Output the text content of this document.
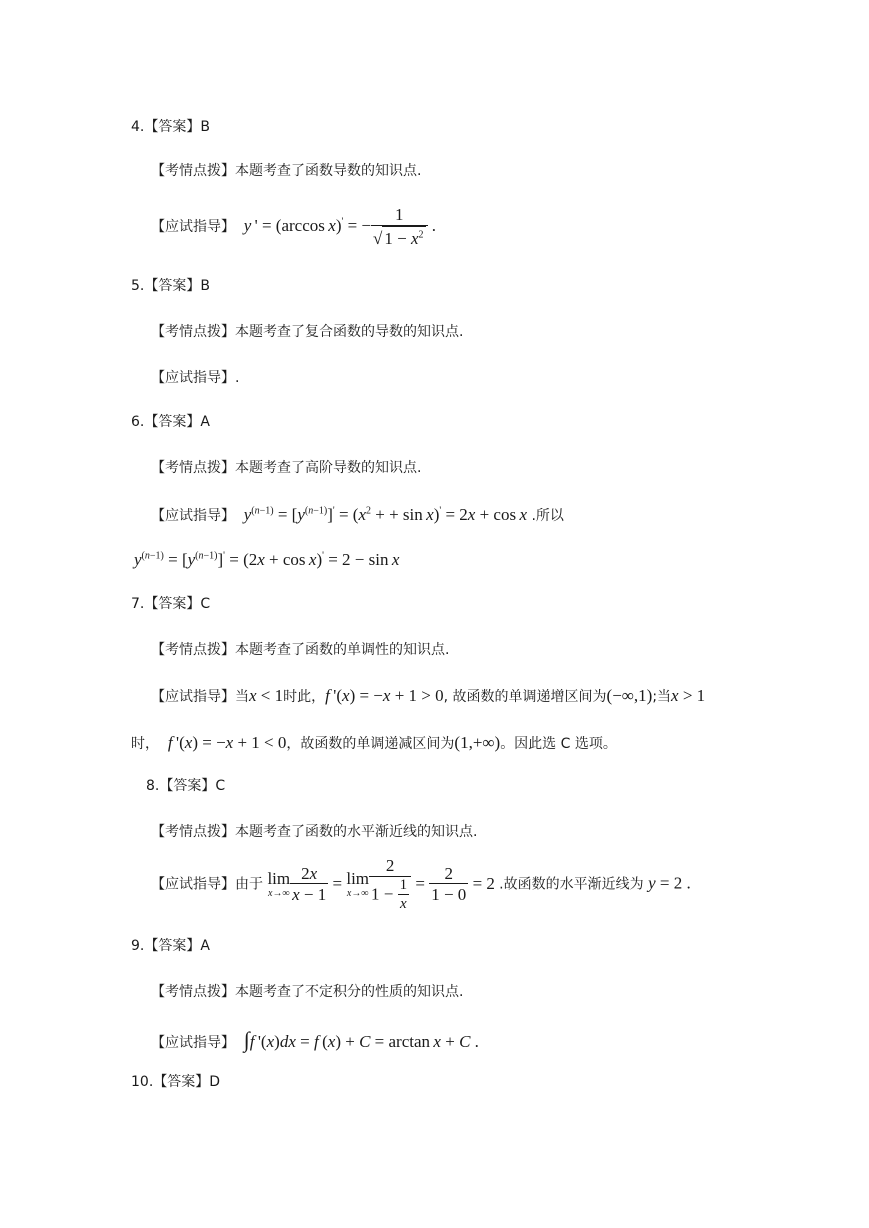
4.【答案】B
【考情点拨】本题考查了函数导数的知识点.
【应试指导】 y ' = (arccos x)' = − $\frac{1}{√ 1 - x^2}$ .
5.【答案】B
【考情点拨】本题考查了复合函数的导数的知识点.
【应试指导】.
6.【答案】A
【考情点拨】本题考查了高阶导数的知识点.
【应试指导】 $y^{(n-1)} = [y^{(n-1)}]' = (x^2$ + + sin x)' = 2x + cos x .所以
$y^{(n-1)} = [y^{(n-1)}]' = (2x + \cos x)' = 2 - \sin x$
7.【答案】C
【考情点拨】本题考查了函数的单调性的知识点.
【应试指导】当x < 1时此，f '(x) = −x + 1 > 0, 故函数的单调递增区间为(−∞,1);当x > 1
时， f '(x) = −x + 1 < 0，故函数的单调递减区间为(1,+∞)。因此选 C 选项。
8.【答案】C
【考情点拨】本题考查了函数的水平渐近线的知识点.
【应试指导】由于 lim
$x\to\infty \frac{2x}{x - 1} = \lim$
$x\to\infty \frac{2}{1 - \frac{1}{x}} = \frac{2}{1 - 0} = 2$ .故函数的水平渐近线为 y = 2 .
9.【答案】A
【考情点拨】本题考查了不定积分的性质的知识点.
【应试指导】 ∫f '(x)dx = f (x) + C = arctan x + C .
10.【答案】D
